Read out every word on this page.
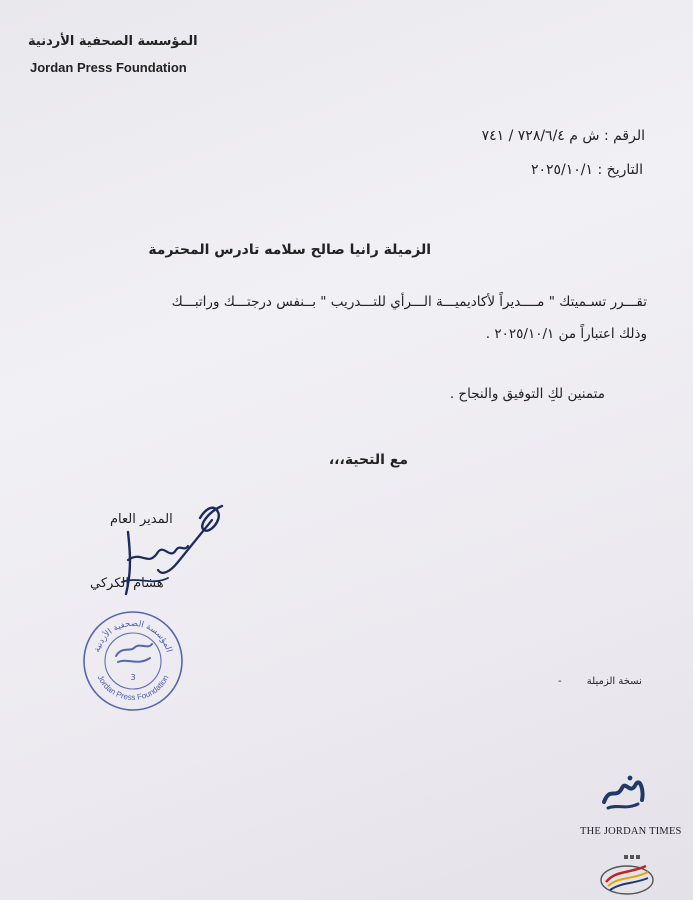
المؤسسة الصحفية الأردنية
Jordan Press Foundation
الرقم : ش م ٧٢٨/٦/٤ / ٧٤١
التاريخ : ٢٠٢٥/١٠/١
الزميلة رانيا صالح سلامه تادرس المحترمة
تقـــرر تسـميتك " مــــديراً لأكاديميـــة الـــرأي للتـــدريب " بــنفس درجتـــك وراتبـــك
وذلك اعتباراً من ٢٠٢٥/١٠/١ .
متمنين لكِ التوفيق والنجاح .
مع التحية،،،
المدير العام
هشام الكركي
المؤسسة الصحفية الأردنية
Jordan Press Foundation
3	نسخة الزميلة -
THE JORDAN TIMES
